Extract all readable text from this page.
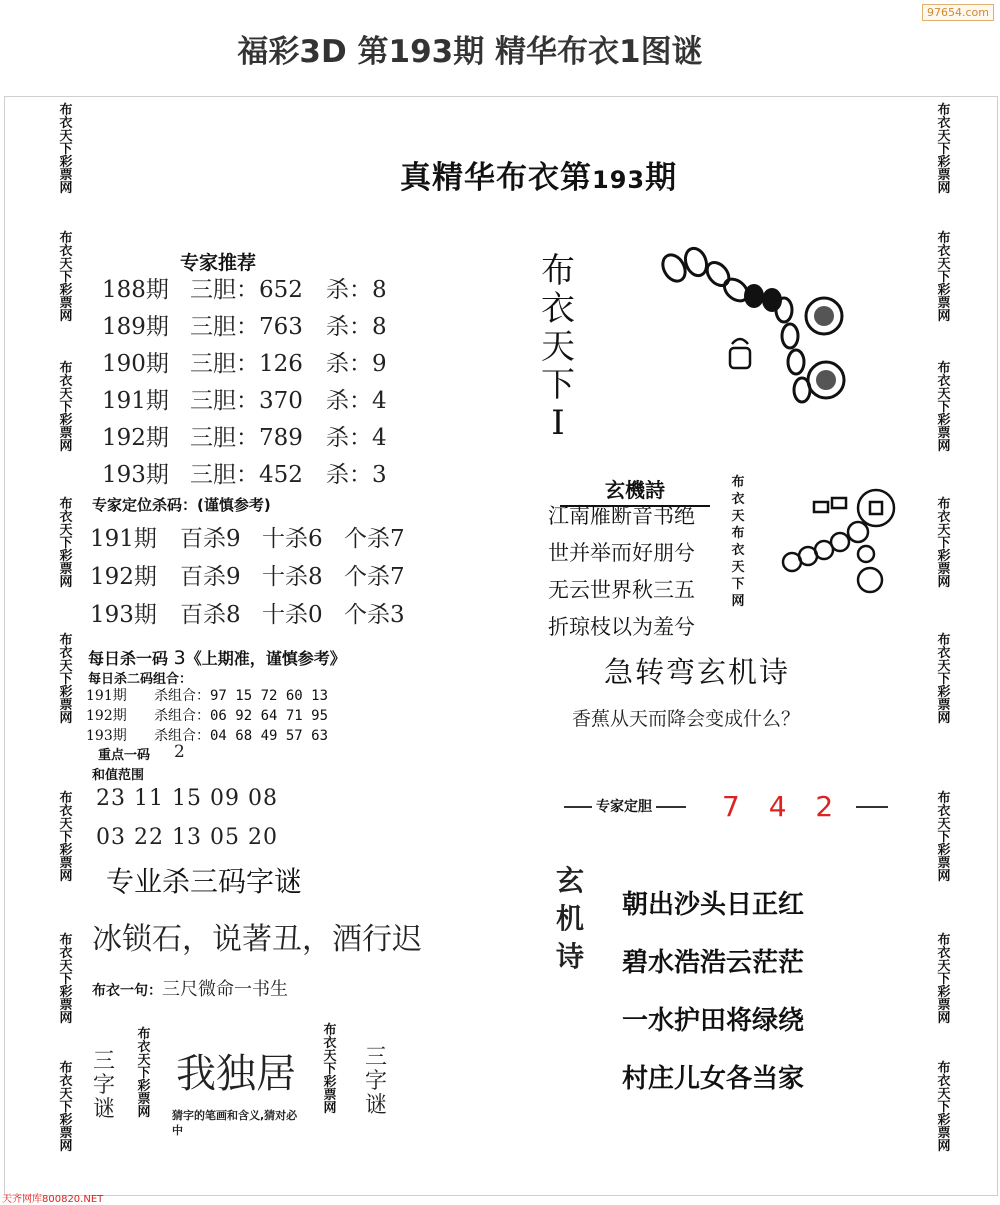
97654.com
福彩3D 第193期 精华布衣1图谜
布
衣
天
下
彩
票
网
布
衣
天
下
彩
票
网
布
衣
天
下
彩
票
网
布
衣
天
下
彩
票
网
布
衣
天
下
彩
票
网
布
衣
天
下
彩
票
网
布
衣
天
下
彩
票
网
布
衣
天
下
彩
票
网
布
衣
天
下
彩
票
网
布
衣
天
下
彩
票
网
布
衣
天
下
彩
票
网
布
衣
天
下
彩
票
网
布
衣
天
下
彩
票
网
布
衣
天
下
彩
票
网
布
衣
天
下
彩
票
网
布
衣
天
下
彩
票
网
真精华布衣第193期
专家推荐
188期 三胆：652 杀：8
189期 三胆：763 杀：8
190期 三胆：126 杀：9
191期 三胆：370 杀：4
192期 三胆：789 杀：4
193期 三胆：452 杀：3
专家定位杀码：(谨慎参考)
191期 百杀9 十杀6 个杀7
192期 百杀9 十杀8 个杀7
193期 百杀8 十杀0 个杀3
每日杀一码 3《上期准，谨慎参考》
每日杀二码组合：
191期 杀组合：97 15 72 60 13
192期 杀组合：06 92 64 71 95
193期 杀组合：04 68 49 57 63
重点一码 2
和值范围
23 11 15 09 08
03 22 13 05 20
专业杀三码字谜
冰锁石，说著丑，酒行迟
布衣一句：三尺微命一书生
三
字
谜
布
衣
天
下
彩
票
网
我独居
猜字的笔画和含义,猜对必中
布
衣
天
下
彩
票
网
三
字
谜
布
衣
天
下
I
玄機詩
江南雁断音书绝
世并举而好朋兮
无云世界秋三五
折琼枝以为羞兮
布
衣
天
布
衣
天
下
网
急转弯玄机诗
香蕉从天而降会变成什么？
专家定胆	7 4 2
玄
机
诗
朝出沙头日正红
碧水浩浩云茫茫
一水护田将绿绕
村庄儿女各当家
天齐网库800820.NET
